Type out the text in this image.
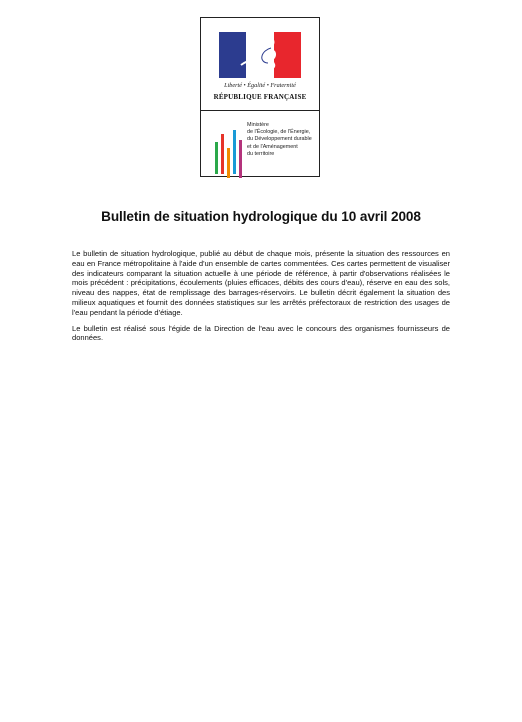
Liberté • Égalité • Fraternité
RÉPUBLIQUE FRANÇAISE
Ministère
de l'Écologie, de l'Énergie,
du Développement durable
et de l'Aménagement
du territoire
Bulletin de situation hydrologique du 10 avril 2008

Le bulletin de situation hydrologique, publié au début de chaque mois, présente la situation des ressources en eau en France métropolitaine à l'aide d'un ensemble de cartes commentées. Ces cartes permettent de visualiser des indicateurs comparant la situation actuelle à une période de référence, à partir d'observations réalisées le mois précédent : précipitations, écoulements (pluies efficaces, débits des cours d'eau), réserve en eau des sols, niveau des nappes, état de remplissage des barrages-réservoirs. Le bulletin décrit également la situation des milieux aquatiques et fournit des données statistiques sur les arrêtés préfectoraux de restriction des usages de l'eau pendant la période d'étiage.

Le bulletin est réalisé sous l'égide de la Direction de l'eau avec le concours des organismes fournisseurs de données.
